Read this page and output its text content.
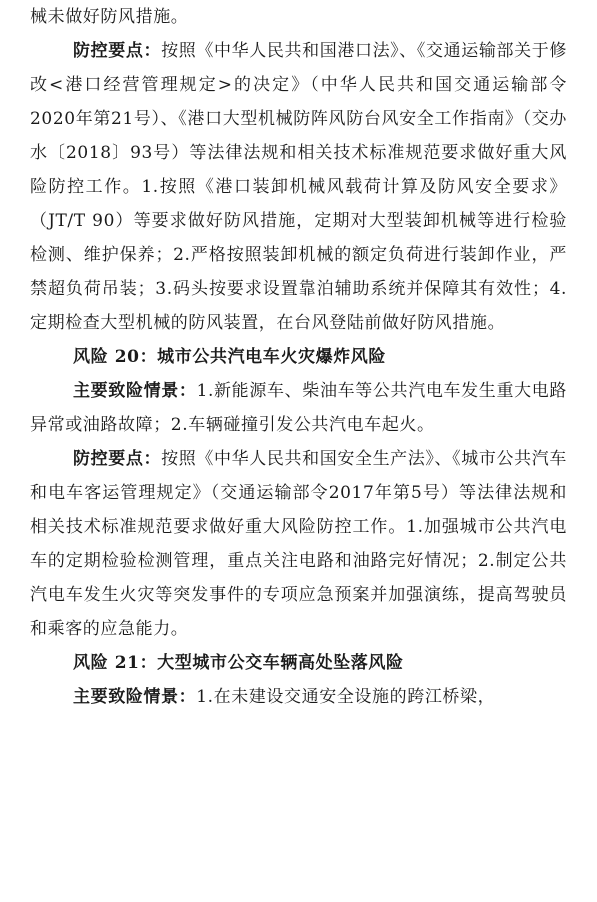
械未做好防风措施。

防控要点：按照《中华人民共和国港口法》、《交通运输部关于修改<港口经营管理规定>的决定》（中华人民共和国交通运输部令2020年第21号）、《港口大型机械防阵风防台风安全工作指南》（交办水〔2018〕93号）等法律法规和相关技术标准规范要求做好重大风险防控工作。1.按照《港口装卸机械风载荷计算及防风安全要求》（JT/T 90）等要求做好防风措施，定期对大型装卸机械等进行检验检测、维护保养；2.严格按照装卸机械的额定负荷进行装卸作业，严禁超负荷吊装；3.码头按要求设置靠泊辅助系统并保障其有效性；4.定期检查大型机械的防风装置，在台风登陆前做好防风措施。

风险 20：城市公共汽电车火灾爆炸风险

主要致险情景：1.新能源车、柴油车等公共汽电车发生重大电路异常或油路故障；2.车辆碰撞引发公共汽电车起火。

防控要点：按照《中华人民共和国安全生产法》、《城市公共汽车和电车客运管理规定》（交通运输部令2017年第5号）等法律法规和相关技术标准规范要求做好重大风险防控工作。1.加强城市公共汽电车的定期检验检测管理，重点关注电路和油路完好情况；2.制定公共汽电车发生火灾等突发事件的专项应急预案并加强演练，提高驾驶员和乘客的应急能力。

风险 21：大型城市公交车辆高处坠落风险

主要致险情景：1.在未建设交通安全设施的跨江桥梁，
